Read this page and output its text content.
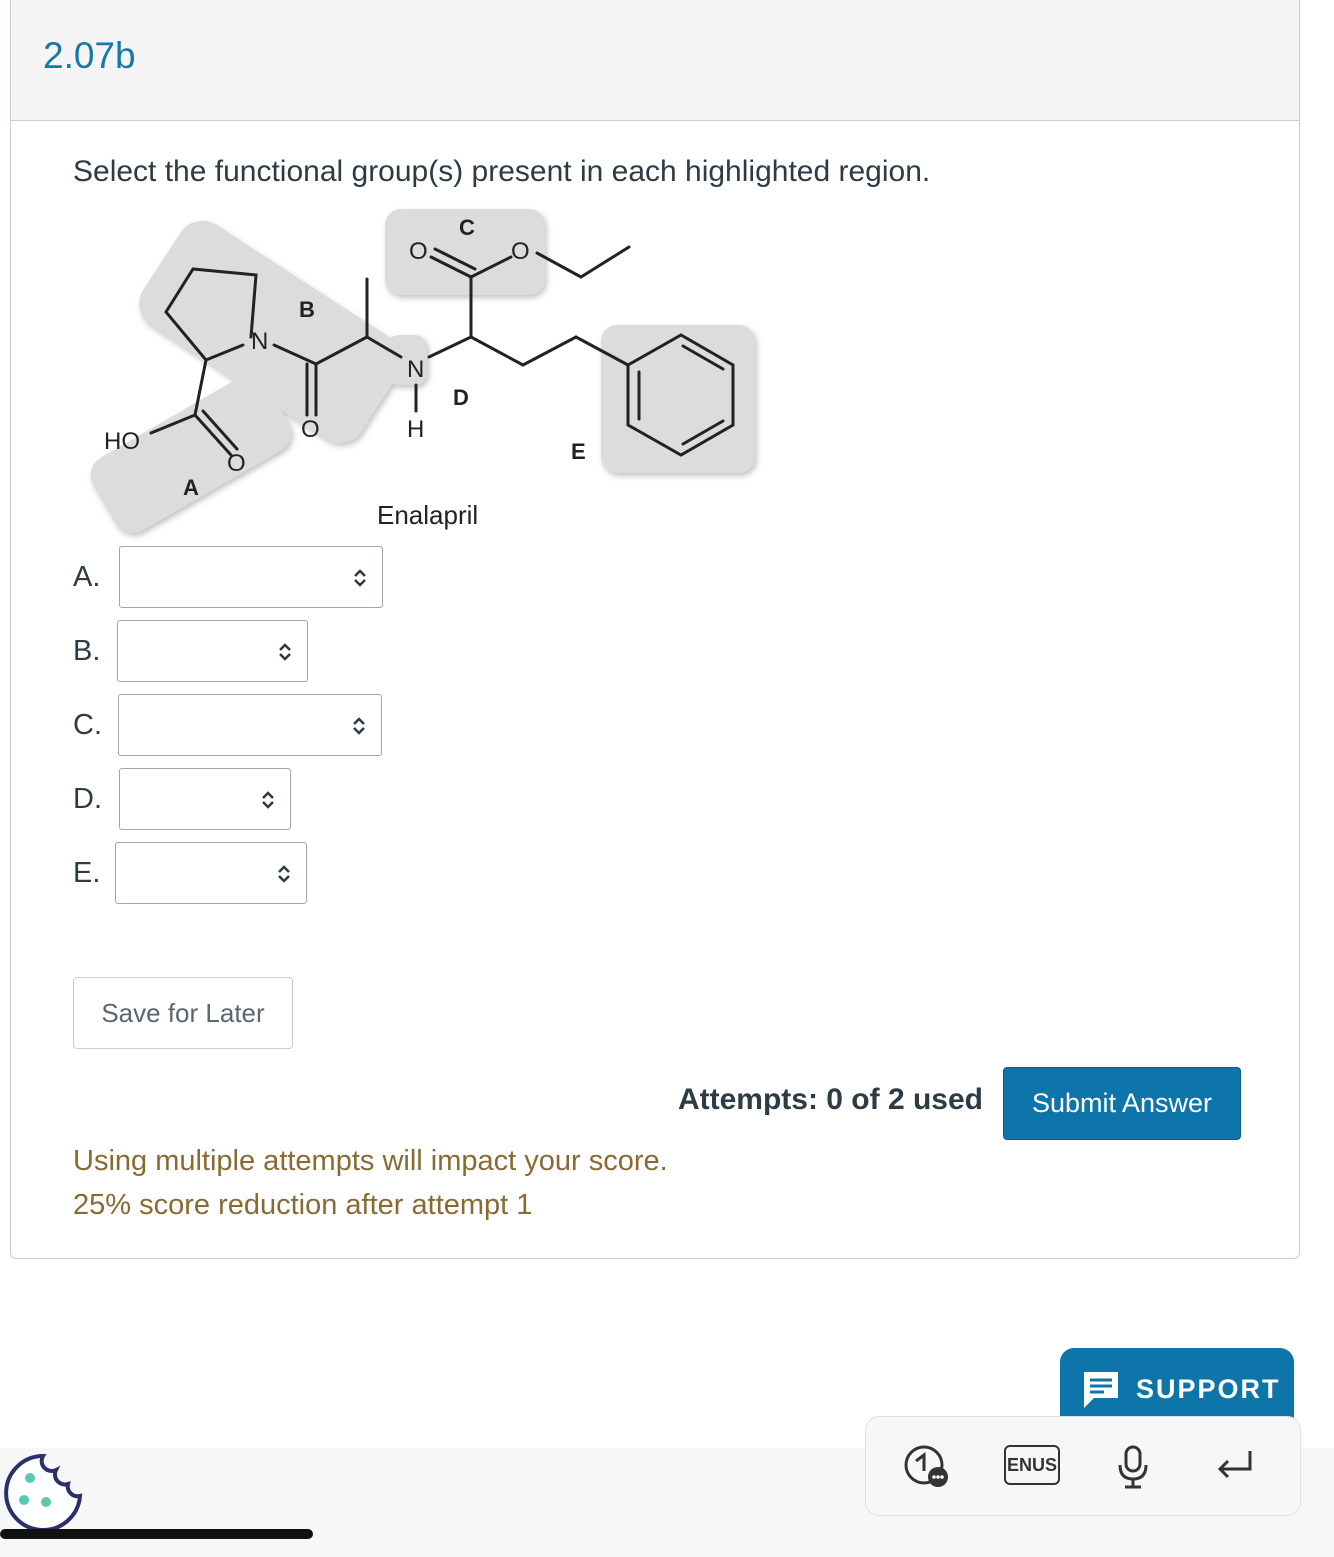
2.07b
Select the functional group(s) present in each highlighted region.
HO
O
N
O
N
H
O	O
A
B
C
D
E
Enalapril
A.
B.
C.
D.
E.
Save for Later
Attempts: 0 of 2 used	Submit Answer
Using multiple attempts will impact your score.
25% score reduction after attempt 1
SUPPORT
ENUS
